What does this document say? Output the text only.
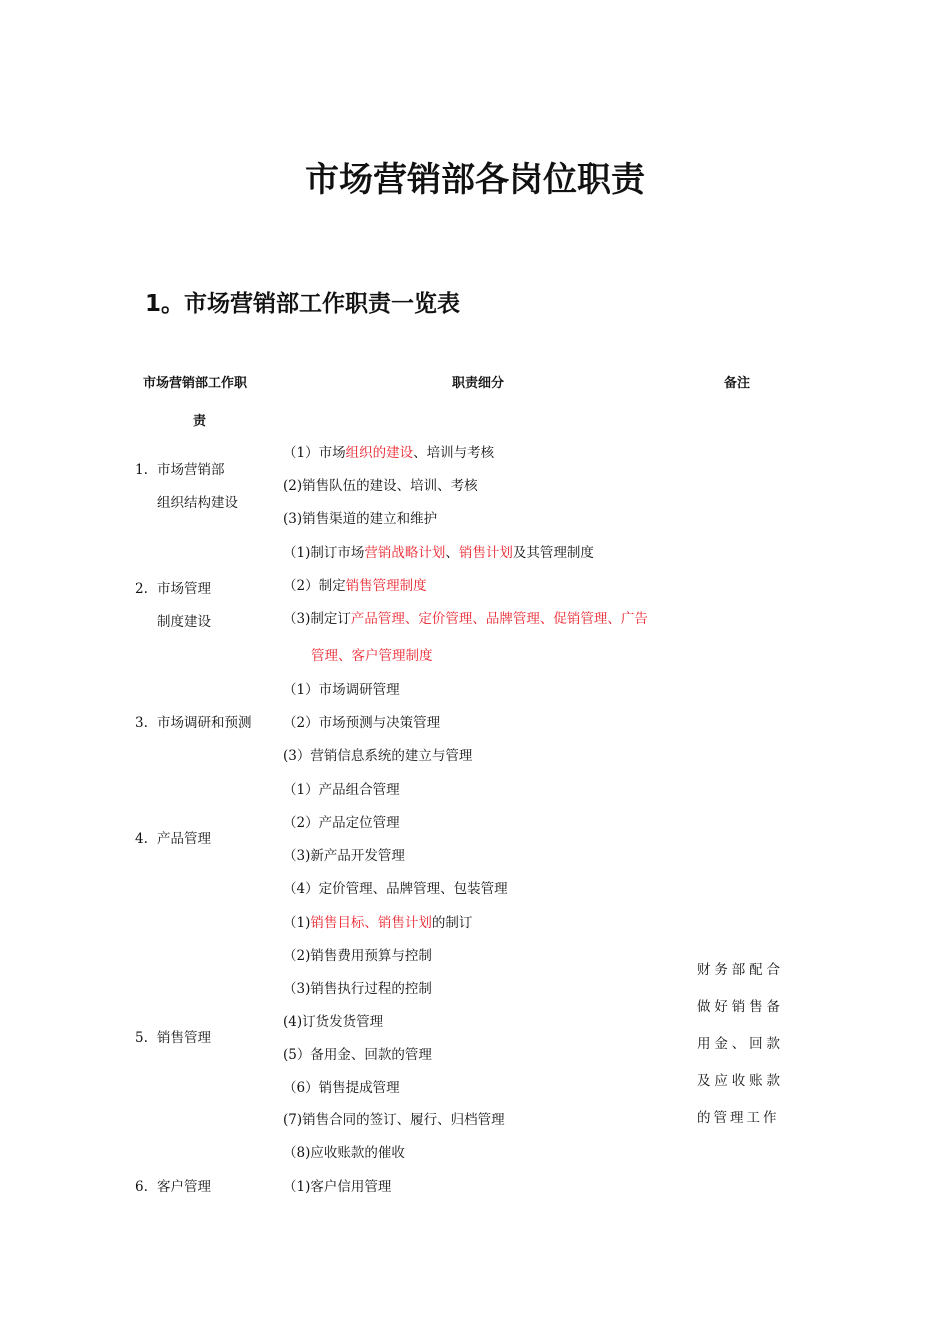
市场营销部各岗位职责
1。市场营销部工作职责一览表
市场营销部工作职
责
职责细分	备注
1. 市场营销部
组织结构建设
（1）市场组织的建设、培训与考核
(2)销售队伍的建设、培训、考核
(3)销售渠道的建立和维护
2. 市场管理
制度建设
（1)制订市场营销战略计划、销售计划及其管理制度
（2）制定销售管理制度
（3)制定订产品管理、定价管理、品牌管理、促销管理、广告
管理、客户管理制度
3. 市场调研和预测
（1）市场调研管理
（2）市场预测与决策管理
(3）营销信息系统的建立与管理
4. 产品管理
（1）产品组合管理
（2）产品定位管理
（3)新产品开发管理
（4）定价管理、品牌管理、包装管理
5. 销售管理
（1)销售目标、销售计划的制订
（2)销售费用预算与控制
（3)销售执行过程的控制
(4)订货发货管理
(5）备用金、回款的管理
（6）销售提成管理
(7)销售合同的签订、履行、归档管理
（8)应收账款的催收
6. 客户管理	（1)客户信用管理
财务部配合做好销售备用金、回款及应收账款的管理工作
